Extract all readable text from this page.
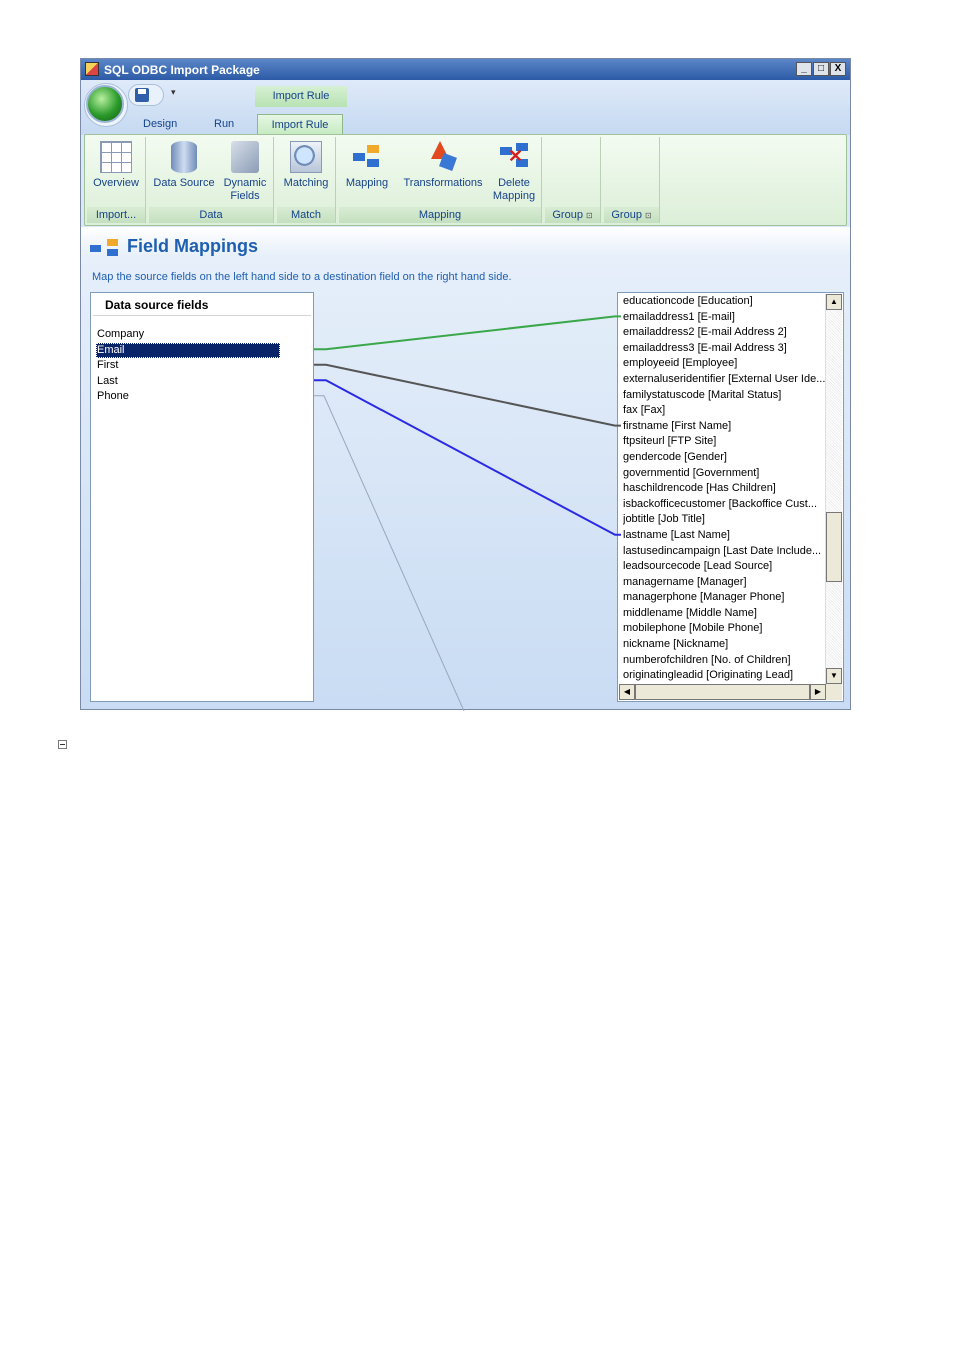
SQL ODBC Import Package	_	□	X
▾	Import Rule
Design	Run	Import Rule
Overview
Import...
Data Source Dynamic Fields
Data
Matching
Match
Mapping	Transformations
✕	Delete Mapping
Mapping	Group ⊡	Group ⊡
Field Mappings
Map the source fields on the left hand side to a destination field on the right hand side.
Data source fields
Company
Email
First
Last
Phone
educationcode [Education]
emailaddress1 [E-mail]
emailaddress2 [E-mail Address 2]
emailaddress3 [E-mail Address 3]
employeeid [Employee]
externaluseridentifier [External User Ide...
familystatuscode [Marital Status]
fax [Fax]
firstname [First Name]
ftpsiteurl [FTP Site]
gendercode [Gender]
governmentid [Government]
haschildrencode [Has Children]
isbackofficecustomer [Backoffice Cust...
jobtitle [Job Title]
lastname [Last Name]
lastusedincampaign [Last Date Include...
leadsourcecode [Lead Source]
managername [Manager]
managerphone [Manager Phone]
middlename [Middle Name]
mobilephone [Mobile Phone]
nickname [Nickname]
numberofchildren [No. of Children]
originatingleadid [Originating Lead]
▲
▼
◀	▶
